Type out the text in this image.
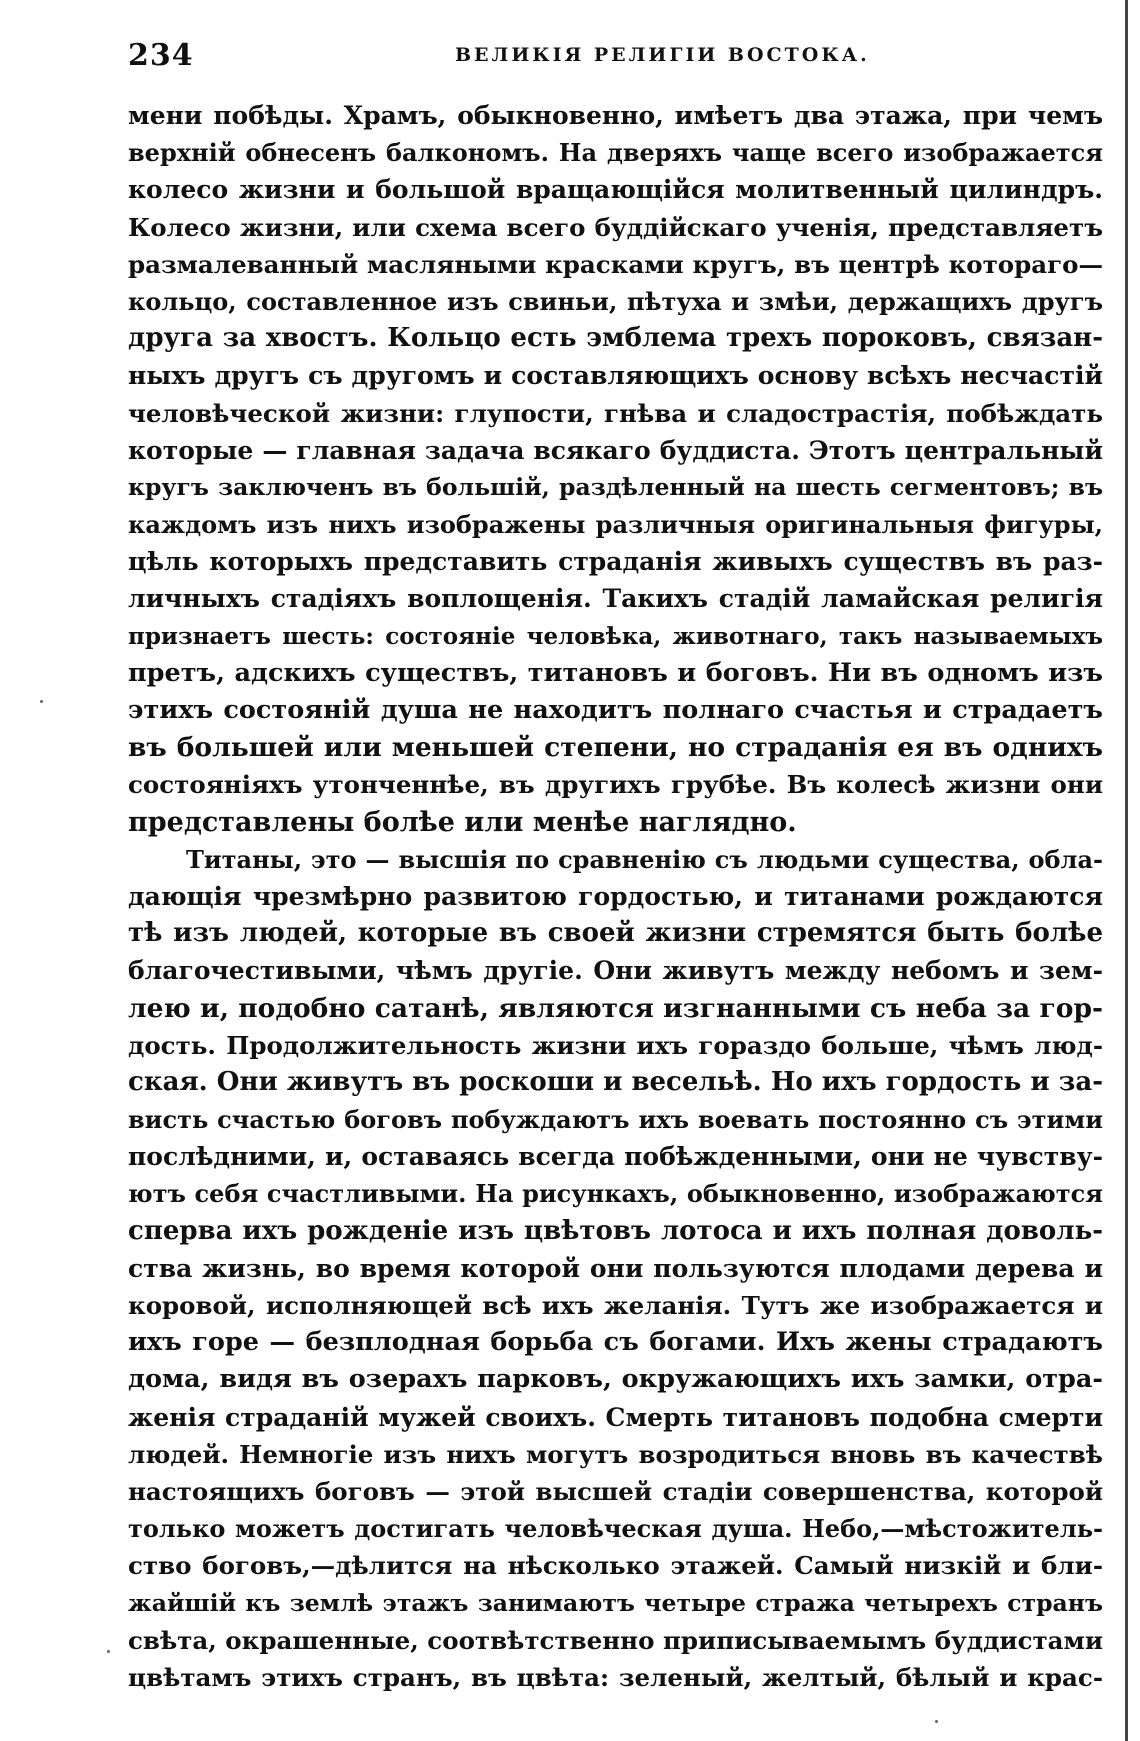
234	ВЕЛИКІЯ РЕЛИГІИ ВОСТОКА.
мени побѣды. Храмъ, обыкновенно, имѣетъ два этажа, при чемъ
верхній обнесенъ балкономъ. На дверяхъ чаще всего изображается
колесо жизни и большой вращающійся молитвенный цилиндръ.
Колесо жизни, или схема всего буддійскаго ученія, представляетъ
размалеванный масляными красками кругъ, въ центрѣ котораго—
кольцо, составленное изъ свиньи, пѣтуха и змѣи, держащихъ другъ
друга за хвостъ. Кольцо есть эмблема трехъ пороковъ, связан-
ныхъ другъ съ другомъ и составляющихъ основу всѣхъ несчастій
человѣческой жизни: глупости, гнѣва и сладострастія, побѣждать
которые — главная задача всякаго буддиста. Этотъ центральный
кругъ заключенъ въ большій, раздѣленный на шесть сегментовъ; въ
каждомъ изъ нихъ изображены различныя оригинальныя фигуры,
цѣль которыхъ представить страданія живыхъ существъ въ раз-
личныхъ стадіяхъ воплощенія. Такихъ стадій ламайская религія
признаетъ шесть: состояніе человѣка, животнаго, такъ называемыхъ
претъ, адскихъ существъ, титановъ и боговъ. Ни въ одномъ изъ
этихъ состояній душа не находитъ полнаго счастья и страдаетъ
въ большей или меньшей степени, но страданія ея въ однихъ
состояніяхъ утонченнѣе, въ другихъ грубѣе. Въ колесѣ жизни они
представлены болѣе или менѣе наглядно.
Титаны, это — высшія по сравненію съ людьми существа, обла-
дающія чрезмѣрно развитою гордостью, и титанами рождаются
тѣ изъ людей, которые въ своей жизни стремятся быть болѣе
благочестивыми, чѣмъ другіе. Они живутъ между небомъ и зем-
лею и, подобно сатанѣ, являются изгнанными съ неба за гор-
дость. Продолжительность жизни ихъ гораздо больше, чѣмъ люд-
ская. Они живутъ въ роскоши и весельѣ. Но ихъ гордость и за-
висть счастью боговъ побуждаютъ ихъ воевать постоянно съ этими
послѣдними, и, оставаясь всегда побѣжденными, они не чувству-
ютъ себя счастливыми. На рисункахъ, обыкновенно, изображаются
сперва ихъ рожденіе изъ цвѣтовъ лотоса и ихъ полная доволь-
ства жизнь, во время которой они пользуются плодами дерева и
коровой, исполняющей всѣ ихъ желанія. Тутъ же изображается и
ихъ горе — безплодная борьба съ богами. Ихъ жены страдаютъ
дома, видя въ озерахъ парковъ, окружающихъ ихъ замки, отра-
женія страданій мужей своихъ. Смерть титановъ подобна смерти
людей. Немногіе изъ нихъ могутъ возродиться вновь въ качествѣ
настоящихъ боговъ — этой высшей стадіи совершенства, которой
только можетъ достигать человѣческая душа. Небо,—мѣстожитель-
ство боговъ,—дѣлится на нѣсколько этажей. Самый низкій и бли-
жайшій къ землѣ этажъ занимаютъ четыре стража четырехъ странъ
свѣта, окрашенные, соотвѣтственно приписываемымъ буддистами
цвѣтамъ этихъ странъ, въ цвѣта: зеленый, желтый, бѣлый и крас-
